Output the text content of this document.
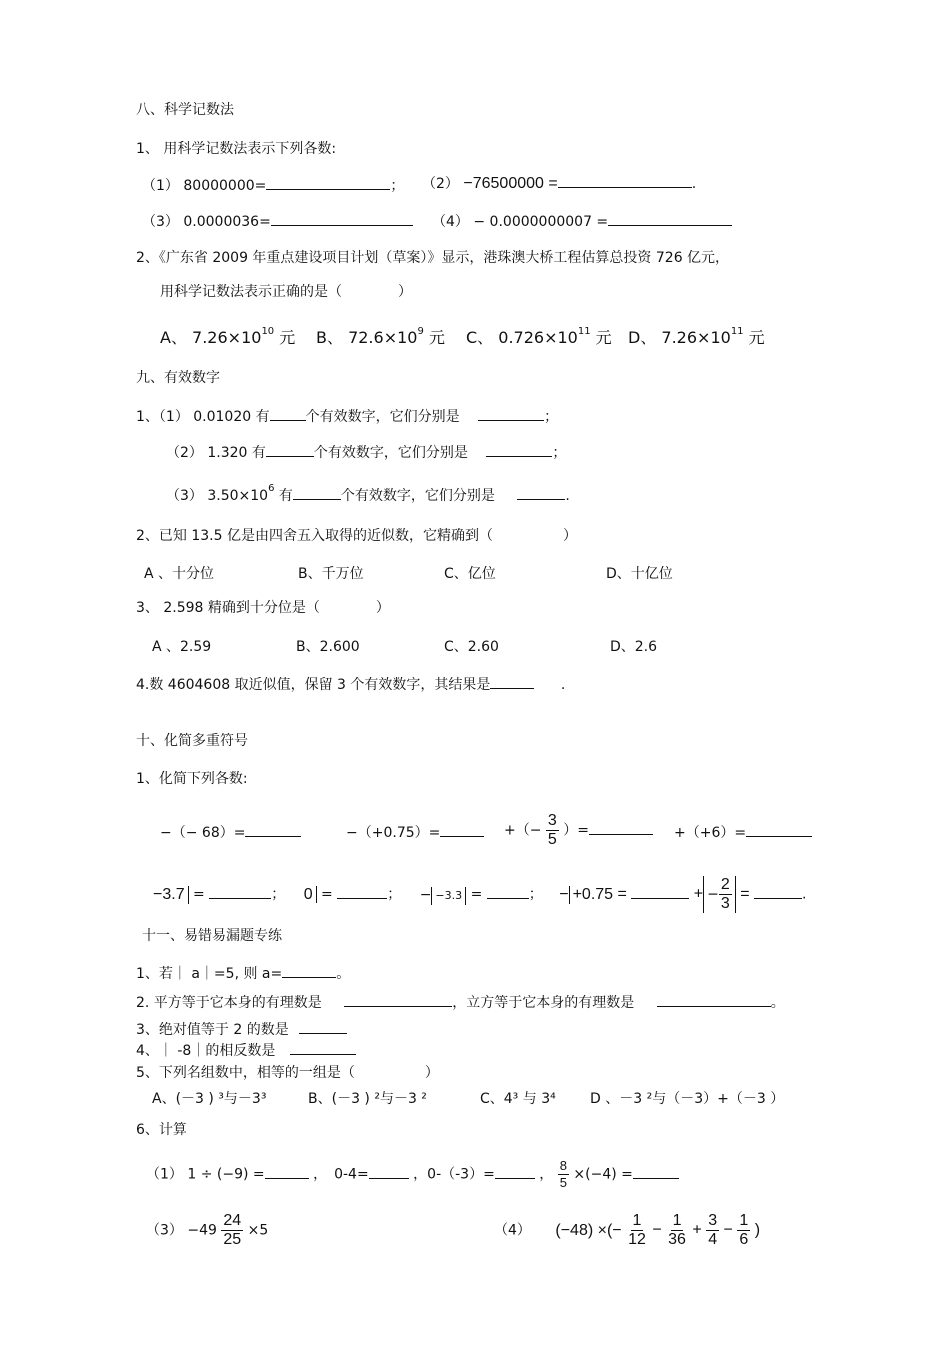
八、科学记数法
1、 用科学记数法表示下列各数:
（1） 80000000=	； （2） −76500000 =	.
（3） 0.0000036=	（4） − 0.0000000007 =
2、《广东省 2009 年重点建设项目计划（草案）》显示，港珠澳大桥工程估算总投资 726 亿元，
用科学记数法表示正确的是（　　　　）
A、 $7.26\times 10^{10}$ 元 B、 $72.6\times 10^9$ 元 C、 $0.726\times 10^{11}$ 元 D、 $7.26\times 10^{11}$ 元
九、有效数字
1、（1） 0.01020 有	个有效数字，它们分别是	；
（2） 1.320 有	个有效数字，它们分别是	；
（3） $3.50\times 10^6$ 有	个有效数字，它们分别是	.
2、已知 13.5 亿是由四舍五入取得的近似数，它精确到（　　　　　）
A 、十分位	B、千万位	C、亿位	D、十亿位
3、 2.598 精确到十分位是（　　　　）
A 、2.59	B、2.600	C、2.60	D、2.6
4.数 4604608 取近似值，保留 3 个有效数字，其结果是	.
十、化简多重符号
1、化简下列各数:
−（− 68）=	−（+0.75）=	+（− $\frac{3}{5}$ ）=	+（+6）=
−3.7 =	； 0 =	； − −3.3 =	； − +0.75 =	+ − $\frac{2}{3}$ =	.
十一、易错易漏题专练
1、若｜ a｜=5, 则 a=	。
2. 平方等于它本身的有理数是	，立方等于它本身的有理数是	。
3、绝对值等于 2 的数是
4、｜ -8｜的相反数是
5、下列名组数中，相等的一组是（　　　　　）
A、(－3 ) ³与－3³	B、(－3 ) ²与－3 ²	C、4³ 与 3⁴ D 、－3 ²与（－3）+（－3 ）
6、计算
（1） 1 ÷ (−9) =	，　0-4=	，0-（-3）=	， $\frac{8}{5} \times(-4)$ =
$(3) -49 \frac{24}{25} \times 5$	（4） (−48) ×(− $\frac{1}{12} - \frac{1}{36} + \frac{3}{4} - \frac{1}{6}$ )
